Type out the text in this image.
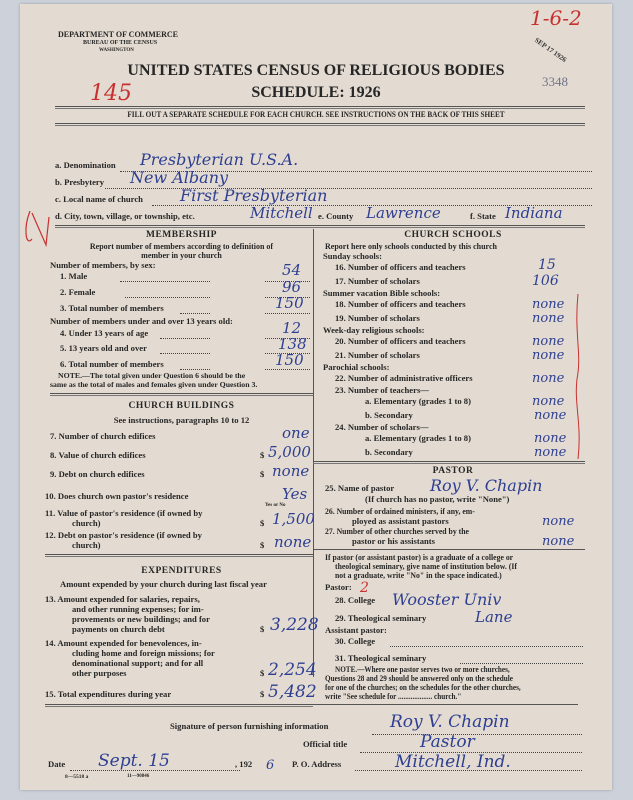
DEPARTMENT OF COMMERCE
BUREAU OF THE CENSUS
WASHINGTON
UNITED STATES CENSUS OF RELIGIOUS BODIES
SCHEDULE: 1926
1-6-2
SEP 17 1926
3348
145
FILL OUT A SEPARATE SCHEDULE FOR EACH CHURCH. SEE INSTRUCTIONS ON THE BACK OF THIS SHEET
a. Denomination Presbyterian U.S.A.
b. Presbytery New Albany
c. Local name of church First Presbyterian
d. City, town, village, or township, etc.	Mitchell e. County Lawrence	f. State Indiana
MEMBERSHIP
Report number of members according to definition of
member in your church
Number of members, by sex:
1. Male	54
2. Female	96
3. Total number of members	150
Number of members under and over 13 years old:
4. Under 13 years of age	12
5. 13 years old and over	138
6. Total number of members	150
NOTE.—The total given under Question 6 should be the
same as the total of males and females given under Question 3.
CHURCH BUILDINGS
See instructions, paragraphs 10 to 12
7. Number of church edifices	one
8. Value of church edifices	$ 5,000
9. Debt on church edifices	$ none
10. Does church own pastor's residence	Yes
Yes or No
11. Value of pastor's residence (if owned by
church)	$ 1,500
12. Debt on pastor's residence (if owned by
church)	$ none
EXPENDITURES
Amount expended by your church during last fiscal year
13. Amount expended for salaries, repairs,
and other running expenses; for im-
provements or new buildings; and for
payments on church debt	$ 3,228
14. Amount expended for benevolences, in-
cluding home and foreign missions; for
denominational support; and for all
other purposes	$ 2,254
15. Total expenditures during year	$ 5,482
CHURCH SCHOOLS
Report here only schools conducted by this church
Sunday schools:
16. Number of officers and teachers	15
17. Number of scholars	106
Summer vacation Bible schools:
18. Number of officers and teachers	none
19. Number of scholars	none
Week-day religious schools:
20. Number of officers and teachers	none
21. Number of scholars	none
Parochial schools:
22. Number of administrative officers	none
23. Number of teachers—
a. Elementary (grades 1 to 8)	none
b. Secondary	none
24. Number of scholars—
a. Elementary (grades 1 to 8)	none
b. Secondary	none
PASTOR
25. Name of pastor Roy V. Chapin
(If church has no pastor, write "None")
26. Number of ordained ministers, if any, em-
ployed as assistant pastors	none
27. Number of other churches served by the
pastor or his assistants	none
If pastor (or assistant pastor) is a graduate of a college or
theological seminary, give name of institution below. (If
not a graduate, write "No" in the space indicated.)
Pastor: 2
28. College Wooster Univ
29. Theological seminary	Lane
Assistant pastor:
30. College
31. Theological seminary
NOTE.—Where one pastor serves two or more churches,
Questions 28 and 29 should be answered only on the schedule
for one of the churches; on the schedules for the other churches,
write "See schedule for ................... church."
Signature of person furnishing information	Roy V. Chapin
Official title	Pastor
Date Sept. 15	, 192 6 P. O. Address	Mitchell, Ind.
8—5518 a	11—90846
